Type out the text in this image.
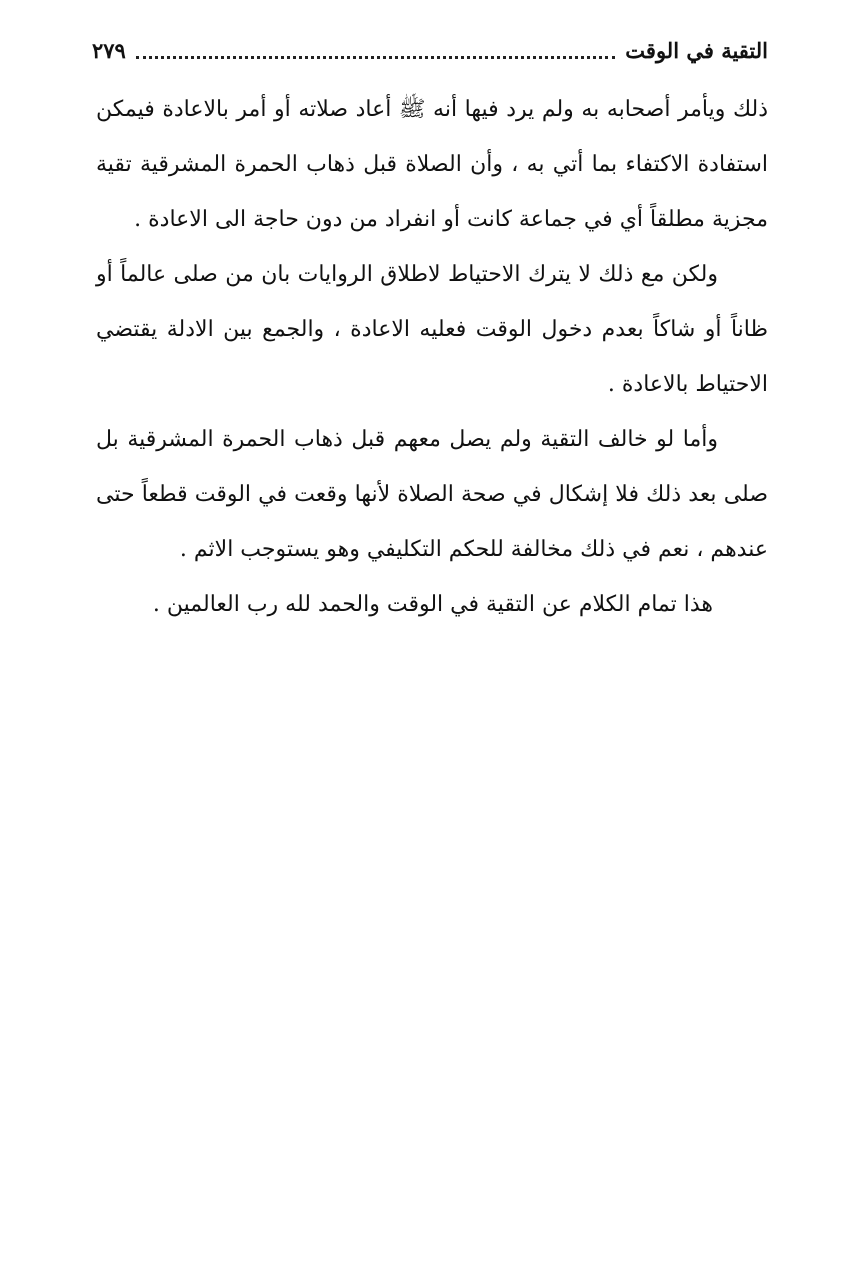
التقية في الوقت
٢٧٩

ذلك ويأمر أصحابه به ولم يرد فيها أنه ﷺ أعاد صلاته أو أمر بالاعادة فيمكن استفادة الاكتفاء بما أتي به ، وأن الصلاة قبل ذهاب الحمرة المشرقية تقية مجزية مطلقاً أي في جماعة كانت أو انفراد من دون حاجة الى الاعادة .

ولكن مع ذلك لا يترك الاحتياط لاطلاق الروايات بان من صلى عالماً أو ظاناً أو شاكاً بعدم دخول الوقت فعليه الاعادة ، والجمع بين الادلة يقتضي الاحتياط بالاعادة .

وأما لو خالف التقية ولم يصل معهم قبل ذهاب الحمرة المشرقية بل صلى بعد ذلك فلا إشكال في صحة الصلاة لأنها وقعت في الوقت قطعاً حتى عندهم ، نعم في ذلك مخالفة للحكم التكليفي وهو يستوجب الاثم .

هذا تمام الكلام عن التقية في الوقت والحمد لله رب العالمين .
